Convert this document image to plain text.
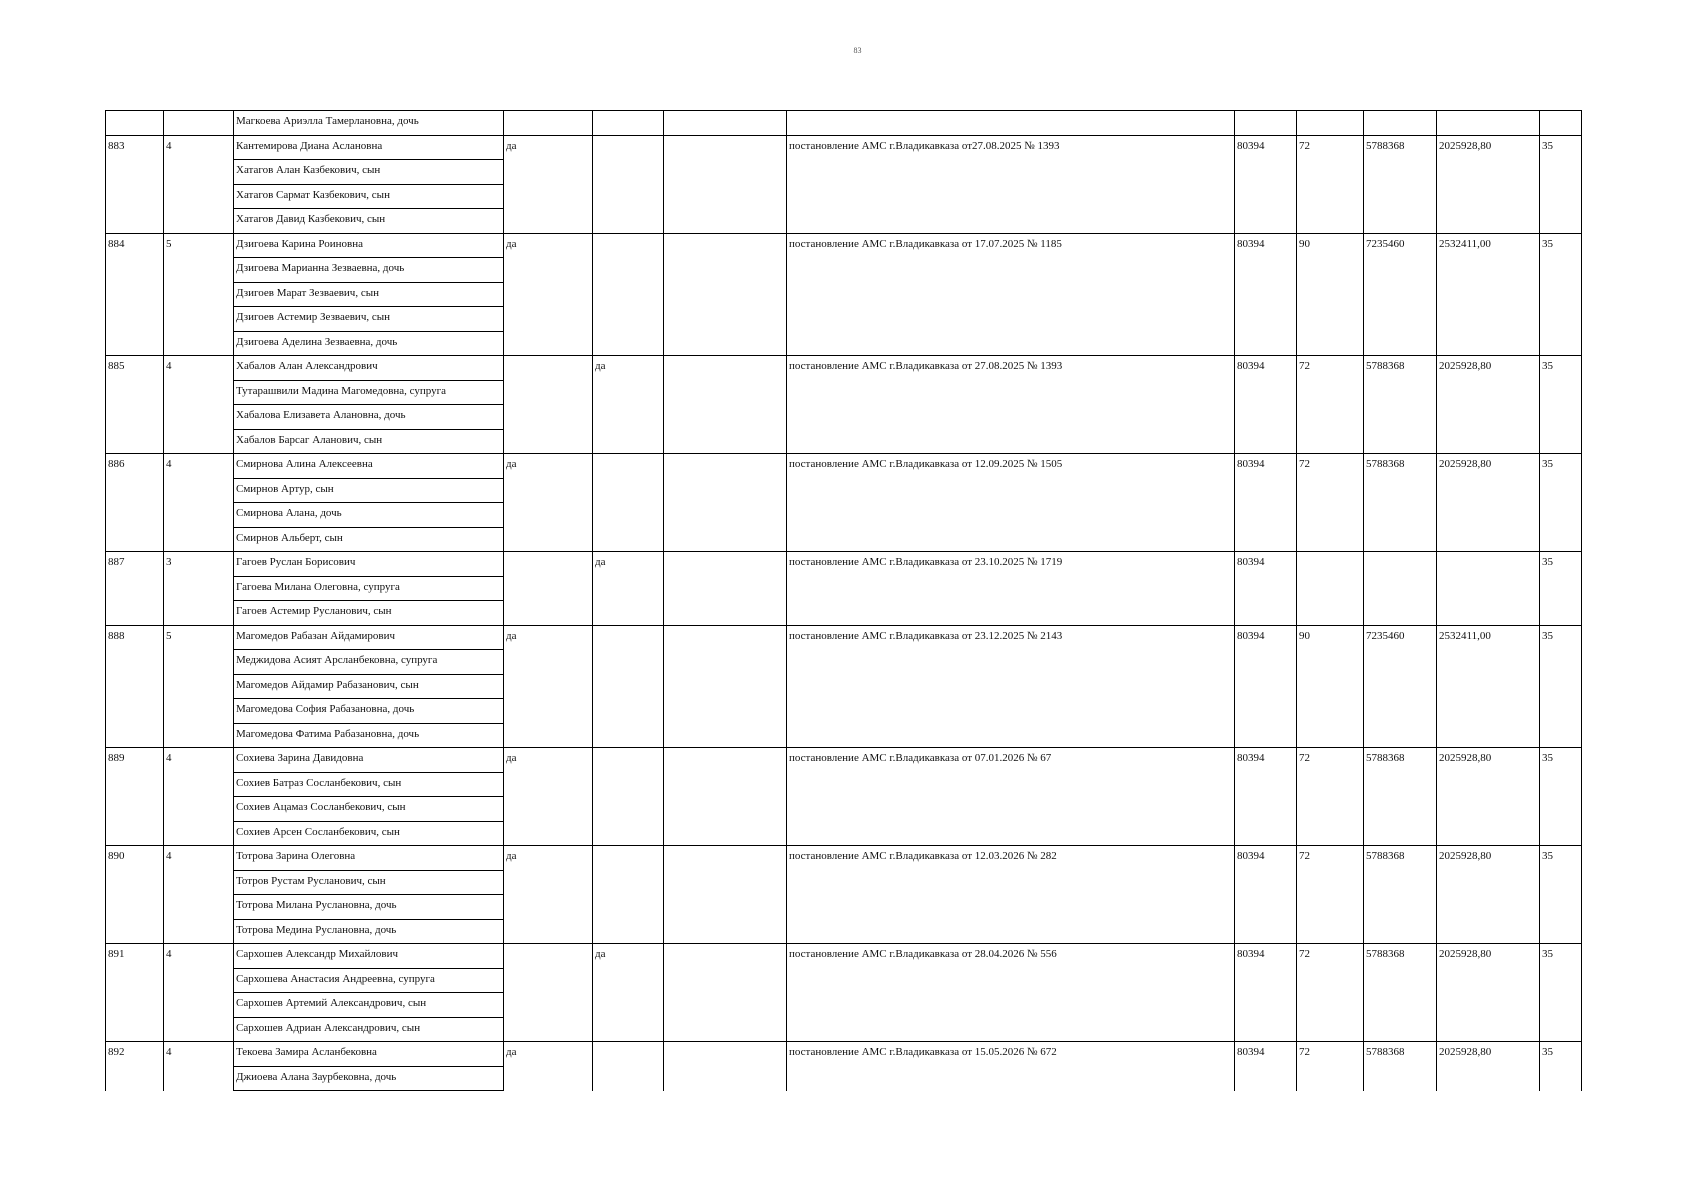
83
		Магкоева Ариэлла Тамерлановна, дочь									
883	4	Кантемирова Диана Аслановна	да			постановление АМС г.Владикавказа от27.08.2025 № 1393	80394	72	5788368	2025928,80	35
		Хатагов Алан Казбекович, сын									
		Хатагов Сармат Казбекович, сын									
		Хатагов Давид Казбекович, сын									
884	5	Дзигоева Карина Роиновна	да			постановление АМС г.Владикавказа от 17.07.2025 № 1185	80394	90	7235460	2532411,00	35
		Дзигоева Марианна Зезваевна, дочь									
		Дзигоев Марат Зезваевич, сын									
		Дзигоев Астемир Зезваевич, сын									
		Дзигоева Аделина Зезваевна, дочь									
885	4	Хабалов Алан Александрович		да		постановление АМС г.Владикавказа от 27.08.2025 № 1393	80394	72	5788368	2025928,80	35
		Тутарашвили Мадина Магомедовна, супруга									
		Хабалова Елизавета Алановна, дочь									
		Хабалов Барсаг Аланович, сын									
886	4	Смирнова Алина Алексеевна	да			постановление АМС г.Владикавказа от 12.09.2025 № 1505	80394	72	5788368	2025928,80	35
		Смирнов Артур, сын									
		Смирнова Алана, дочь									
		Смирнов Альберт, сын									
887	3	Гагоев Руслан Борисович		да		постановление АМС г.Владикавказа от 23.10.2025 № 1719	80394				35
		Гагоева Милана Олеговна, супруга									
		Гагоев Астемир Русланович, сын									
888	5	Магомедов Рабазан Айдамирович	да			постановление АМС г.Владикавказа от 23.12.2025 № 2143	80394	90	7235460	2532411,00	35
		Меджидова Асият Арсланбековна, супруга									
		Магомедов Айдамир Рабазанович, сын									
		Магомедова София Рабазановна, дочь									
		Магомедова Фатима Рабазановна, дочь									
889	4	Сохиева Зарина Давидовна	да			постановление АМС г.Владикавказа от 07.01.2026 № 67	80394	72	5788368	2025928,80	35
		Сохиев Батраз Сосланбекович, сын									
		Сохиев Ацамаз Сосланбекович, сын									
		Сохиев Арсен Сосланбекович, сын									
890	4	Тотрова Зарина Олеговна	да			постановление АМС г.Владикавказа от 12.03.2026 № 282	80394	72	5788368	2025928,80	35
		Тотров Рустам Русланович, сын									
		Тотрова Милана Руслановна, дочь									
		Тотрова Медина Руслановна, дочь									
891	4	Сархошев Александр Михайлович		да		постановление АМС г.Владикавказа от 28.04.2026 № 556	80394	72	5788368	2025928,80	35
		Сархошева Анастасия Андреевна, супруга									
		Сархошев Артемий Александрович, сын									
		Сархошев Адриан Александрович, сын									
892	4	Текоева Замира Асланбековна	да			постановление АМС г.Владикавказа от 15.05.2026 № 672	80394	72	5788368	2025928,80	35
		Джиоева Алана Заурбековна, дочь									
